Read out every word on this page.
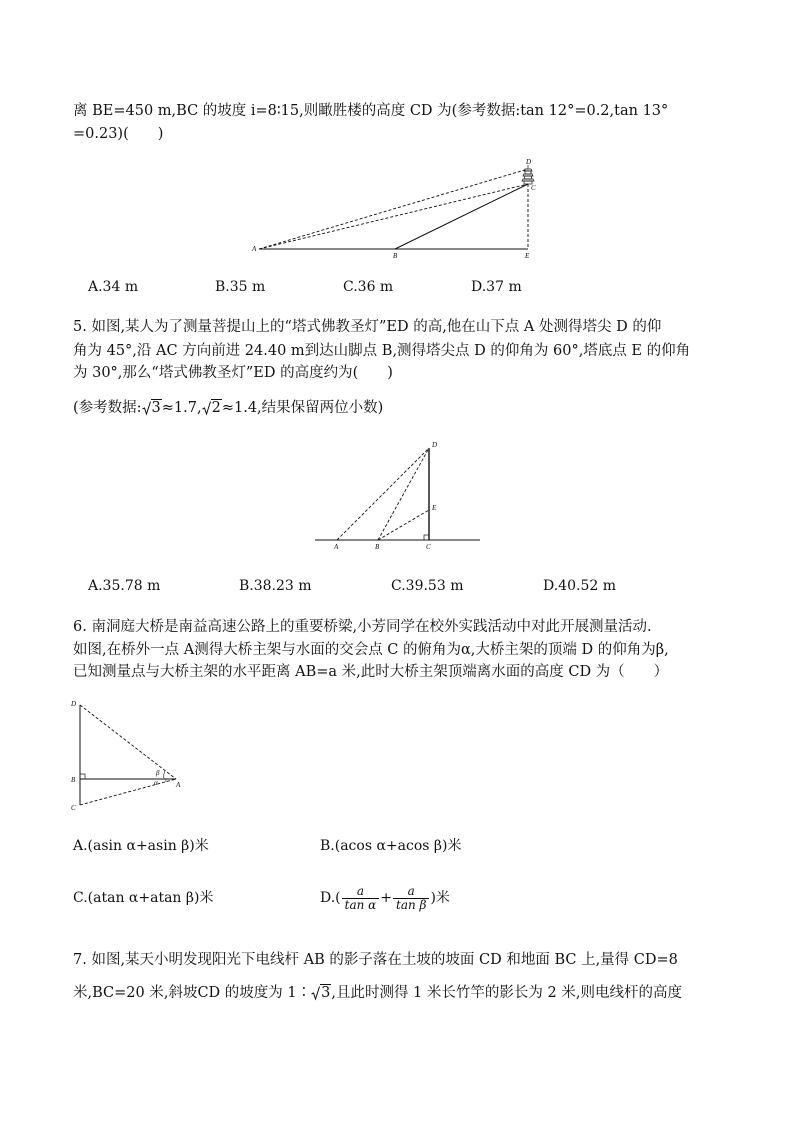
离 BE=450 m,BC 的坡度 i=8∶15,则瞰胜楼的高度 CD 为(参考数据:tan 12°=0.2,tan 13°
=0.23)(　　)
A
B
C
D
E
A.34 m	B.35 m	C.36 m	D.37 m
5. 如图,某人为了测量菩提山上的“塔式佛教圣灯”ED 的高,他在山下点 A 处测得塔尖 D 的仰
角为 45°,沿 AC 方向前进 24.40 m到达山脚点 B,测得塔尖点 D 的仰角为 60°,塔底点 E 的仰角
为 30°,那么“塔式佛教圣灯”ED 的高度约为(　　)
(参考数据: 3≈1.7, 2≈1.4,结果保留两位小数)
A	B	C
D
E
A.35.78 m	B.38.23 m	C.39.53 m	D.40.52 m
6. 南洞庭大桥是南益高速公路上的重要桥梁,小芳同学在校外实践活动中对此开展测量活动.
如图,在桥外一点 A测得大桥主架与水面的交会点 C 的俯角为α,大桥主架的顶端 D 的仰角为β,
已知测量点与大桥主架的水平距离 AB=a 米,此时大桥主架顶端离水面的高度 CD 为（　　）
D
B
C
A
β
α
A.(asin α+asin β)米	B.(acos α+acos β)米
C.(atan α+atan β)米	$D.( \frac{a}{\text{tan α}} + \frac{a}{\text{tan β}}$ )米
7. 如图,某天小明发现阳光下电线杆 AB 的影子落在土坡的坡面 CD 和地面 BC 上,量得 CD=8
米,BC=20 米,斜坡CD 的坡度为 1∶ 3,且此时测得 1 米长竹竿的影长为 2 米,则电线杆的高度
